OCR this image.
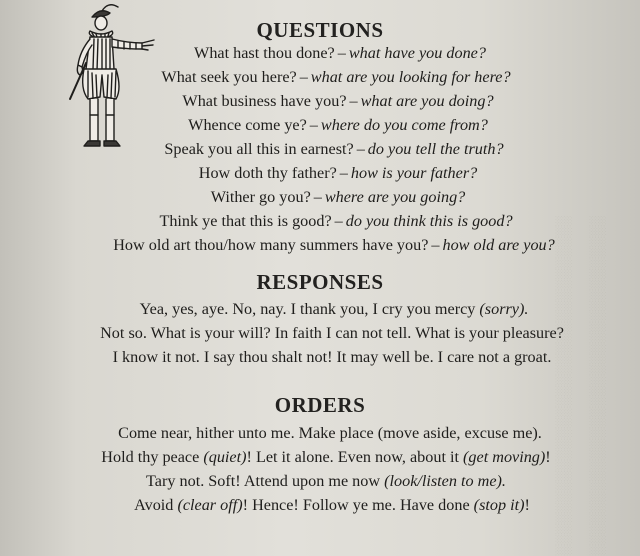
░░░░░░░░░░░░░░░░░░░░░░░░░░░░░░░░ ░░░░░░░░░░░░░░░░░░░░░░░░░░░░░░░░
QUESTIONS
What hast thou done? – what have you done?
What seek you here? – what are you looking for here?
What business have you? – what are you doing?
Whence come ye? – where do you come from?
Speak you all this in earnest? – do you tell the truth?
How doth thy father? – how is your father?
Wither go you? – where are you going?
Think ye that this is good? – do you think this is good?
How old art thou/how many summers have you? – how old are you?
RESPONSES
Yea, yes, aye. No, nay. I thank you, I cry you mercy (sorry).
Not so. What is your will? In faith I can not tell. What is your pleasure?
I know it not. I say thou shalt not! It may well be. I care not a groat.
ORDERS
Come near, hither unto me. Make place (move aside, excuse me).
Hold thy peace (quiet)! Let it alone. Even now, about it (get moving)!
Tary not. Soft! Attend upon me now (look/listen to me).
Avoid (clear off)! Hence! Follow ye me. Have done (stop it)!
